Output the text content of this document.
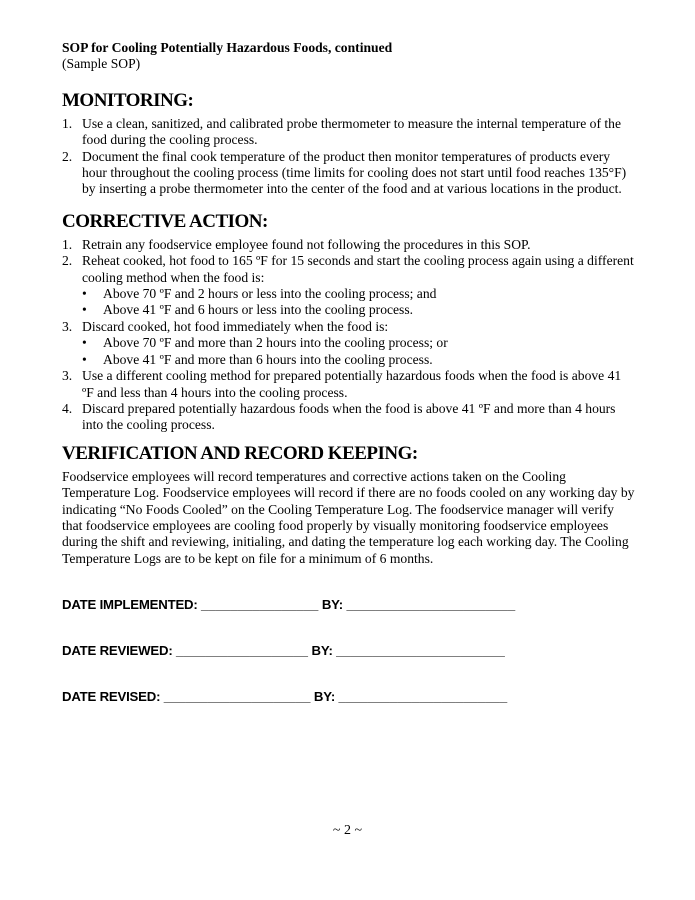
SOP for Cooling Potentially Hazardous Foods, continued
(Sample SOP)
MONITORING:
1. Use a clean, sanitized, and calibrated probe thermometer to measure the internal temperature of the food during the cooling process.
2. Document the final cook temperature of the product then monitor temperatures of products every hour throughout the cooling process (time limits for cooling does not start until food reaches 135°F) by inserting a probe thermometer into the center of the food and at various locations in the product.
CORRECTIVE ACTION:
1. Retrain any foodservice employee found not following the procedures in this SOP.
2. Reheat cooked, hot food to 165 ºF for 15 seconds and start the cooling process again using a different cooling method when the food is:
• Above 70 ºF and 2 hours or less into the cooling process; and
• Above 41 ºF and 6 hours or less into the cooling process.
3. Discard cooked, hot food immediately when the food is:
• Above 70 ºF and more than 2 hours into the cooling process; or
• Above 41 ºF and more than 6 hours into the cooling process.
3. Use a different cooling method for prepared potentially hazardous foods when the food is above 41 ºF and less than 4 hours into the cooling process.
4. Discard prepared potentially hazardous foods when the food is above 41 ºF and more than 4 hours into the cooling process.
VERIFICATION AND RECORD KEEPING:

Foodservice employees will record temperatures and corrective actions taken on the Cooling Temperature Log. Foodservice employees will record if there are no foods cooled on any working day by indicating “No Foods Cooled” on the Cooling Temperature Log. The foodservice manager will verify that foodservice employees are cooling food properly by visually monitoring foodservice employees during the shift and reviewing, initialing, and dating the temperature log each working day. The Cooling Temperature Logs are to be kept on file for a minimum of 6 months.

DATE IMPLEMENTED: ________________ BY: _______________________
DATE REVIEWED: __________________ BY: _______________________
DATE REVISED: ____________________ BY: _______________________
~ 2 ~
